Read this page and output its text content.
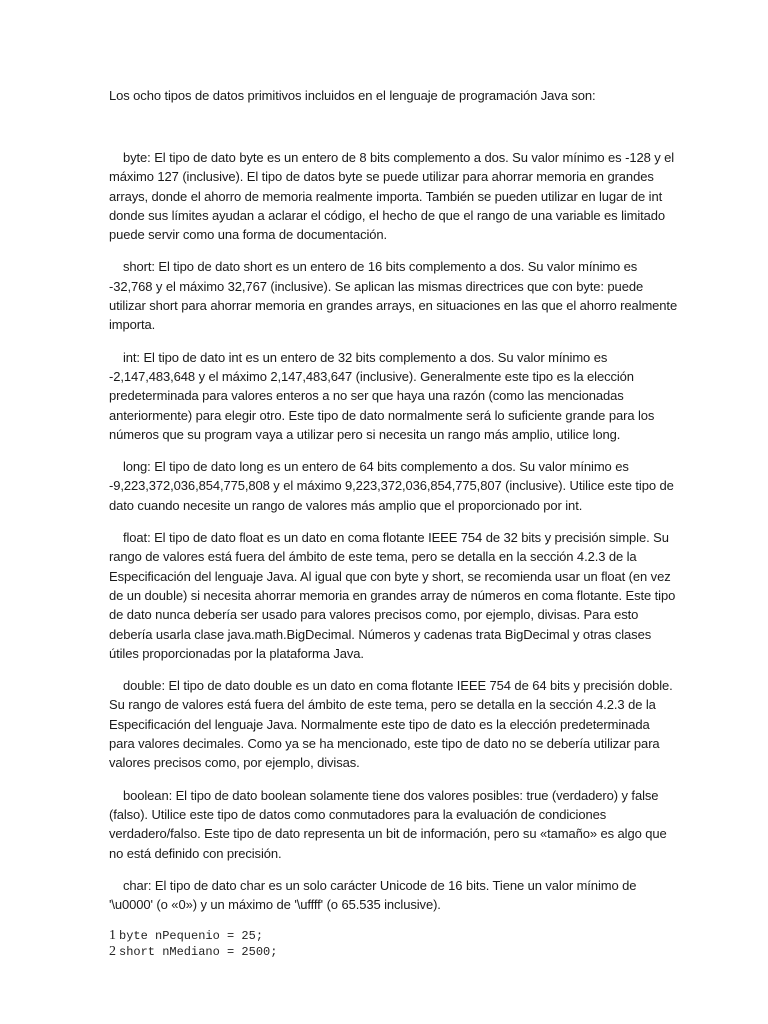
Los ocho tipos de datos primitivos incluidos en el lenguaje de programación Java son:

byte: El tipo de dato byte es un entero de 8 bits complemento a dos. Su valor mínimo es -128 y el máximo 127 (inclusive). El tipo de datos byte se puede utilizar para ahorrar memoria en grandes arrays, donde el ahorro de memoria realmente importa. También se pueden utilizar en lugar de int donde sus límites ayudan a aclarar el código, el hecho de que el rango de una variable es limitado puede servir como una forma de documentación.

short: El tipo de dato short es un entero de 16 bits complemento a dos. Su valor mínimo es -32,768 y el máximo 32,767 (inclusive). Se aplican las mismas directrices que con byte: puede utilizar short para ahorrar memoria en grandes arrays, en situaciones en las que el ahorro realmente importa.

int: El tipo de dato int es un entero de 32 bits complemento a dos. Su valor mínimo es -2,147,483,648 y el máximo 2,147,483,647 (inclusive). Generalmente este tipo es la elección predeterminada para valores enteros a no ser que haya una razón (como las mencionadas anteriormente) para elegir otro. Este tipo de dato normalmente será lo suficiente grande para los números que su program vaya a utilizar pero si necesita un rango más amplio, utilice long.

long: El tipo de dato long es un entero de 64 bits complemento a dos. Su valor mínimo es -9,223,372,036,854,775,808 y el máximo 9,223,372,036,854,775,807 (inclusive). Utilice este tipo de dato cuando necesite un rango de valores más amplio que el proporcionado por int.

float: El tipo de dato float es un dato en coma flotante IEEE 754 de 32 bits y precisión simple. Su rango de valores está fuera del ámbito de este tema, pero se detalla en la sección 4.2.3 de la Especificación del lenguaje Java. Al igual que con byte y short, se recomienda usar un float (en vez de un double) si necesita ahorrar memoria en grandes array de números en coma flotante. Este tipo de dato nunca debería ser usado para valores precisos como, por ejemplo, divisas. Para esto debería usarla clase java.math.BigDecimal. Números y cadenas trata BigDecimal y otras clases útiles proporcionadas por la plataforma Java.

double: El tipo de dato double es un dato en coma flotante IEEE 754 de 64 bits y precisión doble. Su rango de valores está fuera del ámbito de este tema, pero se detalla en la sección 4.2.3 de la Especificación del lenguaje Java. Normalmente este tipo de dato es la elección predeterminada para valores decimales. Como ya se ha mencionado, este tipo de dato no se debería utilizar para valores precisos como, por ejemplo, divisas.

boolean: El tipo de dato boolean solamente tiene dos valores posibles: true (verdadero) y false (falso). Utilice este tipo de datos como conmutadores para la evaluación de condiciones verdadero/falso. Este tipo de dato representa un bit de información, pero su «tamaño» es algo que no está definido con precisión.

char: El tipo de dato char es un solo carácter Unicode de 16 bits. Tiene un valor mínimo de '\u0000' (o «0») y un máximo de '\uffff' (o 65.535 inclusive).

1 byte nPequenio = 25;
2 short nMediano = 2500;
